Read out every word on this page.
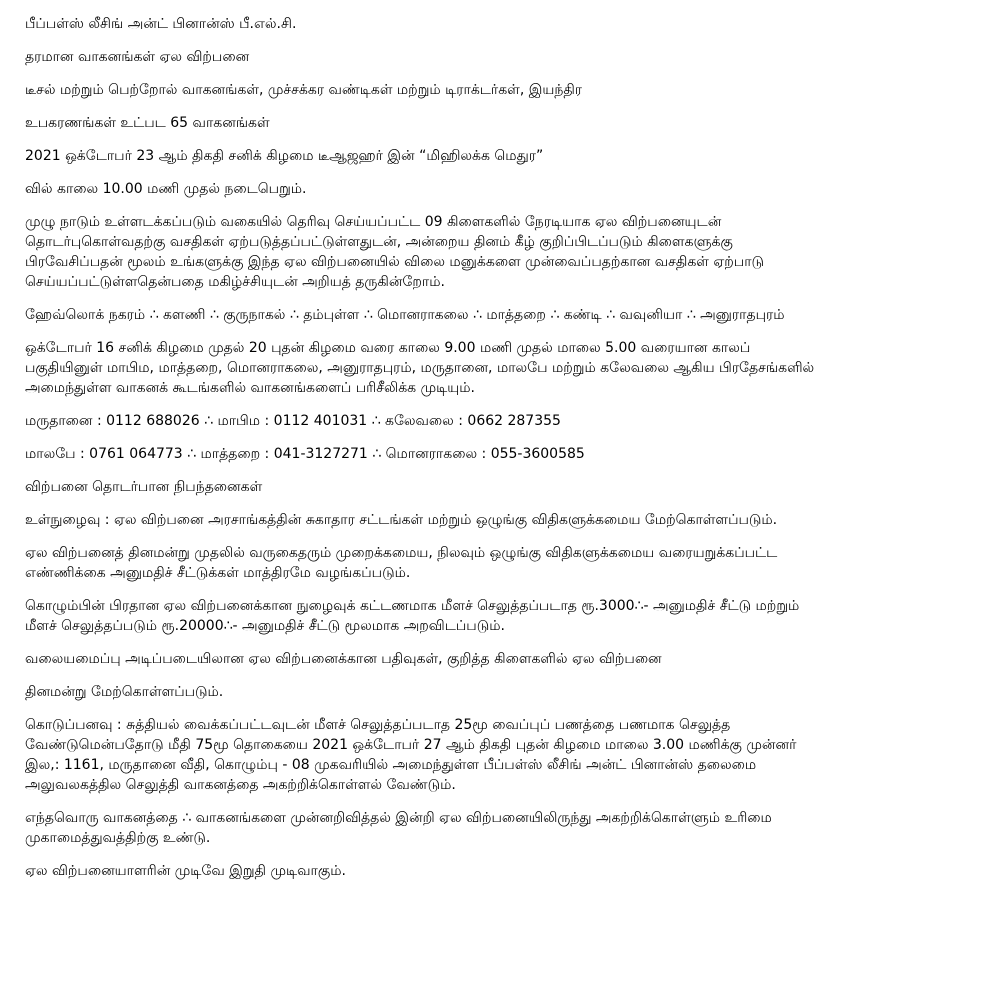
பீப்பள்ஸ் லீசிங் அன்ட் பினான்ஸ் பீ.எல்.சி.

தரமான வாகனங்கள் ஏல விற்பனை

டீசல் மற்றும் பெற்றோல் வாகனங்கள், முச்சக்கர வண்டிகள் மற்றும் டிராக்டர்கள், இயந்திர

உபகரணங்கள் உட்பட 65 வாகனங்கள்

2021 ஒக்டோபர் 23 ஆம் திகதி சனிக் கிழமை டீஆஜஹர் இன் “மிஹிலக்க மெதுர”

வில் காலை 10.00 மணி முதல் நடைபெறும்.

முழு நாடும் உள்ளடக்கப்படும் வகையில் தெரிவு செய்யப்பட்ட 09 கிளைகளில் நேரடியாக ஏல விற்பனையுடன் தொடர்புகொள்வதற்கு வசதிகள் ஏற்படுத்தப்பட்டுள்ளதுடன், அன்றைய தினம் கீழ் குறிப்பிடப்படும் கிளைகளுக்கு பிரவேசிப்பதன் மூலம் உங்களுக்கு இந்த ஏல விற்பனையில் விலை மனுக்களை முன்வைப்பதற்கான வசதிகள் ஏற்பாடு செய்யப்பட்டுள்ளதென்பதை மகிழ்ச்சியுடன் அறியத் தருகின்றோம்.

ஹேவ்லொக் நகரம் ∴ களணி ∴ குருநாகல் ∴ தம்புள்ள ∴ மொனராகலை ∴ மாத்தறை ∴ கண்டி ∴ வவுனியா ∴ அனுராதபுரம்

ஒக்டோபர் 16 சனிக் கிழமை முதல் 20 புதன் கிழமை வரை காலை 9.00 மணி முதல் மாலை 5.00 வரையான காலப் பகுதியினுள் மாபிம, மாத்தறை, மொனராகலை, அனுராதபுரம், மருதானை, மாலபே மற்றும் கலேவலை ஆகிய பிரதேசங்களில் அமைந்துள்ள வாகனக் கூடங்களில் வாகனங்களைப் பரிசீலிக்க முடியும்.

மருதானை : 0112 688026 ∴ மாபிம : 0112 401031 ∴ கலேவலை : 0662 287355

மாலபே : 0761 064773 ∴ மாத்தறை : 041-3127271 ∴ மொனராகலை : 055-3600585

விற்பனை தொடர்பான நிபந்தனைகள்

உள்நுழைவு : ஏல விற்பனை அரசாங்கத்தின் சுகாதார சட்டங்கள் மற்றும் ஒழுங்கு விதிகளுக்கமைய மேற்கொள்ளப்படும்.

ஏல விற்பனைத் தினமன்று முதலில் வருகைதரும் முறைக்கமைய, நிலவும் ஒழுங்கு விதிகளுக்கமைய வரையறுக்கப்பட்ட எண்ணிக்கை அனுமதிச் சீட்டுக்கள் மாத்திரமே வழங்கப்படும்.

கொழும்பின் பிரதான ஏல விற்பனைக்கான நுழைவுக் கட்டணமாக மீளச் செலுத்தப்படாத ரூ.3000∴- அனுமதிச் சீட்டு மற்றும் மீளச் செலுத்தப்படும் ரூ.20000∴- அனுமதிச் சீட்டு மூலமாக அறவிடப்படும்.

வலையமைப்பு அடிப்படையிலான ஏல விற்பனைக்கான பதிவுகள், குறித்த கிளைகளில் ஏல விற்பனை

தினமன்று மேற்கொள்ளப்படும்.

கொடுப்பனவு : சுத்தியல் வைக்கப்பட்டவுடன் மீளச் செலுத்தப்படாத 25மூ வைப்புப் பணத்தை பணமாக செலுத்த வேண்டுமென்பதோடு மீதி 75மூ தொகையை 2021 ஒக்டோபர் 27 ஆம் திகதி புதன் கிழமை மாலை 3.00 மணிக்கு முன்னர் இல,: 1161, மருதானை வீதி, கொழும்பு - 08 முகவரியில் அமைந்துள்ள பீப்பள்ஸ் லீசிங் அன்ட் பினான்ஸ் தலைமை அலுவலகத்தில செலுத்தி வாகனத்தை அகற்றிக்கொள்ளல் வேண்டும்.

எந்தவொரு வாகனத்தை ∴ வாகனங்களை முன்னறிவித்தல் இன்றி ஏல விற்பனையிலிருந்து அகற்றிக்கொள்ளும் உரிமை முகாமைத்துவத்திற்கு உண்டு.

ஏல விற்பனையாளரின் முடிவே இறுதி முடிவாகும்.
